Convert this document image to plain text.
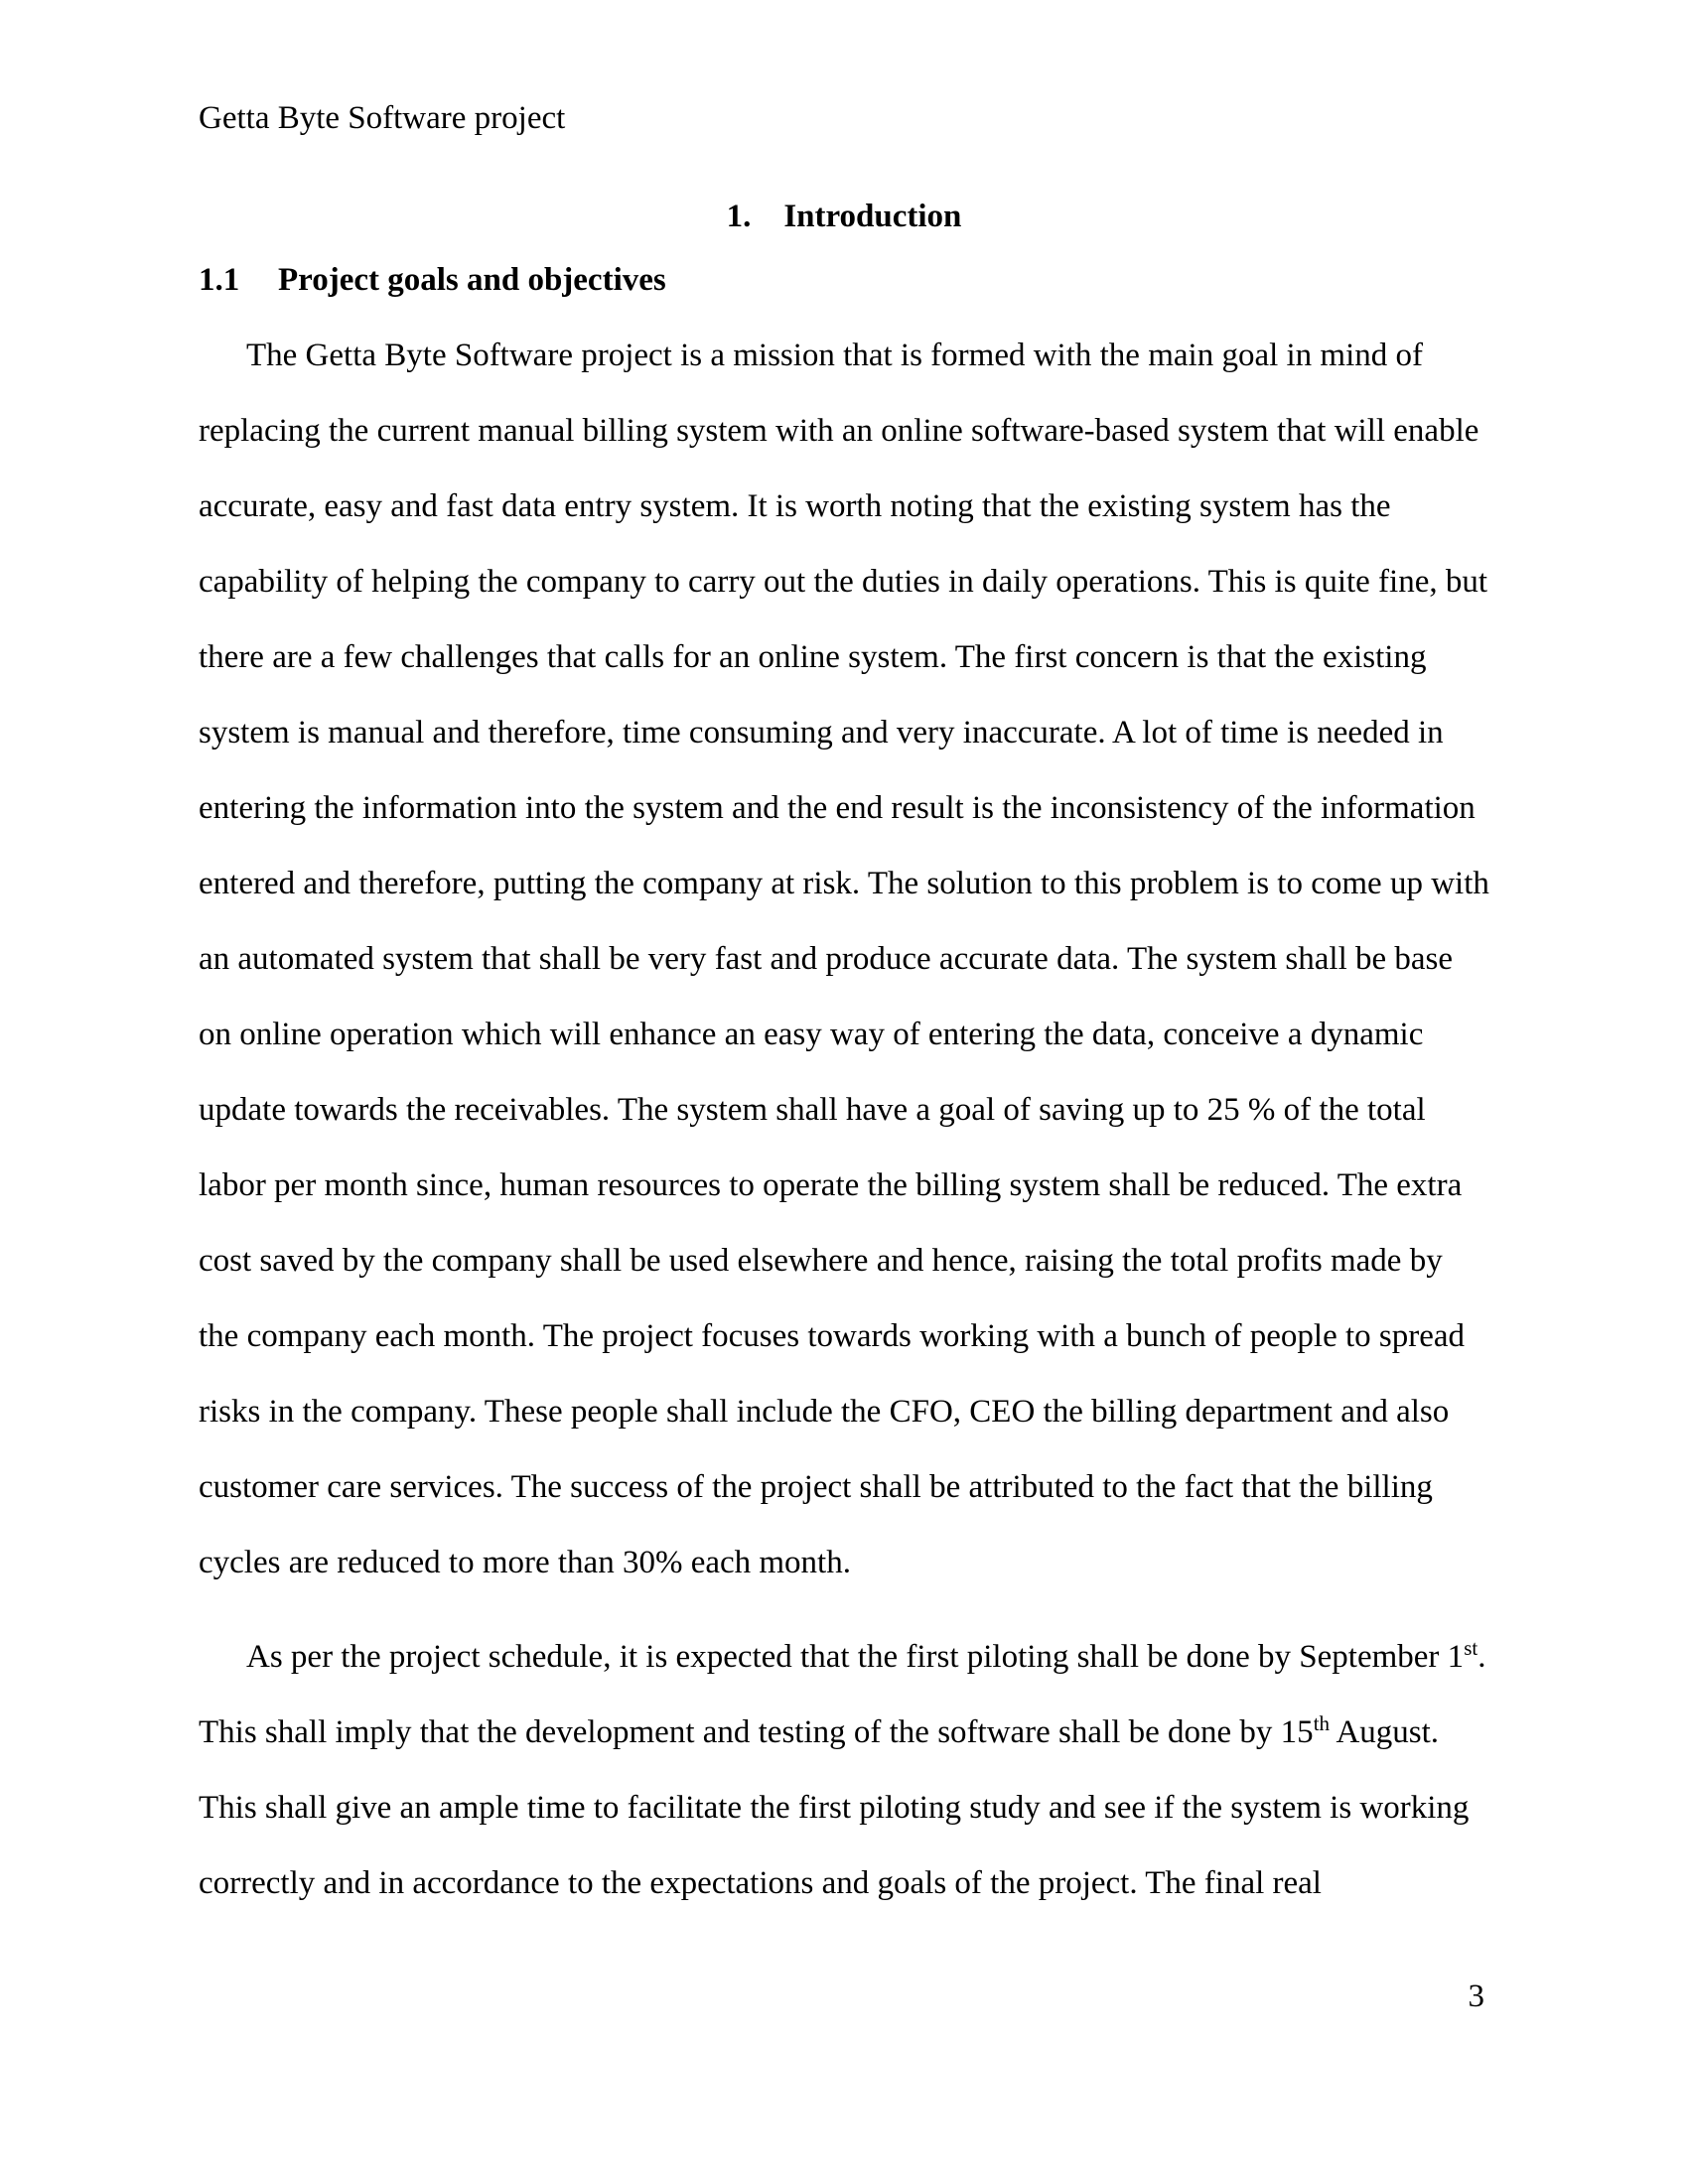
Getta Byte Software project
1. Introduction
1.1 Project goals and objectives

The Getta Byte Software project is a mission that is formed with the main goal in mind of replacing the current manual billing system with an online software-based system that will enable accurate, easy and fast data entry system. It is worth noting that the existing system has the capability of helping the company to carry out the duties in daily operations. This is quite fine, but there are a few challenges that calls for an online system. The first concern is that the existing system is manual and therefore, time consuming and very inaccurate. A lot of time is needed in entering the information into the system and the end result is the inconsistency of the information entered and therefore, putting the company at risk. The solution to this problem is to come up with an automated system that shall be very fast and produce accurate data. The system shall be base on online operation which will enhance an easy way of entering the data, conceive a dynamic update towards the receivables. The system shall have a goal of saving up to 25 % of the total labor per month since, human resources to operate the billing system shall be reduced. The extra cost saved by the company shall be used elsewhere and hence, raising the total profits made by the company each month. The project focuses towards working with a bunch of people to spread risks in the company. These people shall include the CFO, CEO the billing department and also customer care services. The success of the project shall be attributed to the fact that the billing cycles are reduced to more than 30% each month.

As per the project schedule, it is expected that the first piloting shall be done by September 1st. This shall imply that the development and testing of the software shall be done by 15th August. This shall give an ample time to facilitate the first piloting study and see if the system is working correctly and in accordance to the expectations and goals of the project. The final real

3
